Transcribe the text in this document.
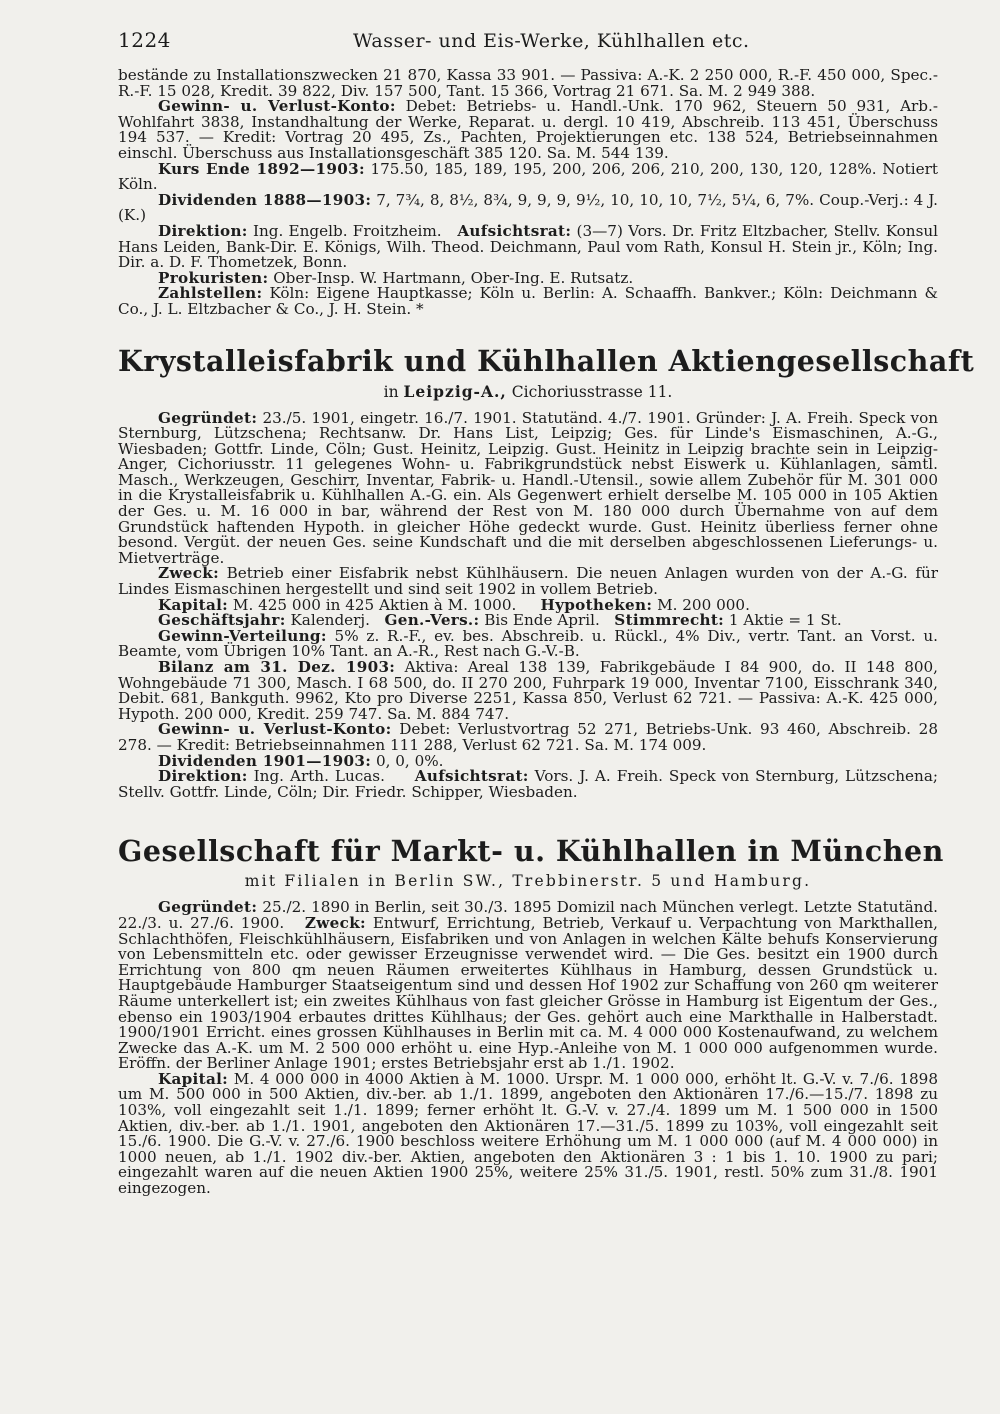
1224	Wasser- und Eis-Werke, Kühlhallen etc.

bestände zu Installationszwecken 21 870, Kassa 33 901. — Passiva: A.-K. 2 250 000, R.-F. 450 000, Spec.-R.-F. 15 028, Kredit. 39 822, Div. 157 500, Tant. 15 366, Vortrag 21 671. Sa. M. 2 949 388.

Gewinn- u. Verlust-Konto: Debet: Betriebs- u. Handl.-Unk. 170 962, Steuern 50 931, Arb.-Wohlfahrt 3838, Instandhaltung der Werke, Reparat. u. dergl. 10 419, Abschreib. 113 451, Überschuss 194 537. — Kredit: Vortrag 20 495, Zs., Pachten, Projektierungen etc. 138 524, Betriebseinnahmen einschl. Überschuss aus Installationsgeschäft 385 120. Sa. M. 544 139.

Kurs Ende 1892—1903: 175.50, 185, 189, 195, 200, 206, 206, 210, 200, 130, 120, 128%. Notiert Köln.

Dividenden 1888—1903: 7, 7¾, 8, 8½, 8¾, 9, 9, 9, 9½, 10, 10, 10, 7½, 5¼, 6, 7%. Coup.-Verj.: 4 J. (K.)

Direktion: Ing. Engelb. Froitzheim. Aufsichtsrat: (3—7) Vors. Dr. Fritz Eltzbacher, Stellv. Konsul Hans Leiden, Bank-Dir. E. Königs, Wilh. Theod. Deichmann, Paul vom Rath, Konsul H. Stein jr., Köln; Ing. Dir. a. D. F. Thometzek, Bonn.

Prokuristen: Ober-Insp. W. Hartmann, Ober-Ing. E. Rutsatz.

Zahlstellen: Köln: Eigene Hauptkasse; Köln u. Berlin: A. Schaaffh. Bankver.; Köln: Deichmann & Co., J. L. Eltzbacher & Co., J. H. Stein. *

Krystalleisfabrik und Kühlhallen Aktiengesellschaft
in Leipzig-A., Cichoriusstrasse 11.

Gegründet: 23./5. 1901, eingetr. 16./7. 1901. Statutänd. 4./7. 1901. Gründer: J. A. Freih. Speck von Sternburg, Lützschena; Rechtsanw. Dr. Hans List, Leipzig; Ges. für Linde's Eismaschinen, A.-G., Wiesbaden; Gottfr. Linde, Cöln; Gust. Heinitz, Leipzig. Gust. Heinitz in Leipzig brachte sein in Leipzig-Anger, Cichoriusstr. 11 gelegenes Wohn- u. Fabrikgrundstück nebst Eiswerk u. Kühlanlagen, sämtl. Masch., Werkzeugen, Geschirr, Inventar, Fabrik- u. Handl.-Utensil., sowie allem Zubehör für M. 301 000 in die Krystalleisfabrik u. Kühlhallen A.-G. ein. Als Gegenwert erhielt derselbe M. 105 000 in 105 Aktien der Ges. u. M. 16 000 in bar, während der Rest von M. 180 000 durch Übernahme von auf dem Grundstück haftenden Hypoth. in gleicher Höhe gedeckt wurde. Gust. Heinitz überliess ferner ohne besond. Vergüt. der neuen Ges. seine Kundschaft und die mit derselben abgeschlossenen Lieferungs- u. Mietverträge.

Zweck: Betrieb einer Eisfabrik nebst Kühlhäusern. Die neuen Anlagen wurden von der A.-G. für Lindes Eismaschinen hergestellt und sind seit 1902 in vollem Betrieb.

Kapital: M. 425 000 in 425 Aktien à M. 1000. Hypotheken: M. 200 000.

Geschäftsjahr: Kalenderj. Gen.-Vers.: Bis Ende April. Stimmrecht: 1 Aktie = 1 St.

Gewinn-Verteilung: 5% z. R.-F., ev. bes. Abschreib. u. Rückl., 4% Div., vertr. Tant. an Vorst. u. Beamte, vom Übrigen 10% Tant. an A.-R., Rest nach G.-V.-B.

Bilanz am 31. Dez. 1903: Aktiva: Areal 138 139, Fabrikgebäude I 84 900, do. II 148 800, Wohngebäude 71 300, Masch. I 68 500, do. II 270 200, Fuhrpark 19 000, Inventar 7100, Eisschrank 340, Debit. 681, Bankguth. 9962, Kto pro Diverse 2251, Kassa 850, Verlust 62 721. — Passiva: A.-K. 425 000, Hypoth. 200 000, Kredit. 259 747. Sa. M. 884 747.

Gewinn- u. Verlust-Konto: Debet: Verlustvortrag 52 271, Betriebs-Unk. 93 460, Abschreib. 28 278. — Kredit: Betriebseinnahmen 111 288, Verlust 62 721. Sa. M. 174 009.

Dividenden 1901—1903: 0, 0, 0%.

Direktion: Ing. Arth. Lucas. Aufsichtsrat: Vors. J. A. Freih. Speck von Sternburg, Lützschena; Stellv. Gottfr. Linde, Cöln; Dir. Friedr. Schipper, Wiesbaden.

Gesellschaft für Markt- u. Kühlhallen in München
mit Filialen in Berlin SW., Trebbinerstr. 5 und Hamburg.

Gegründet: 25./2. 1890 in Berlin, seit 30./3. 1895 Domizil nach München verlegt. Letzte Statutänd. 22./3. u. 27./6. 1900. Zweck: Entwurf, Errichtung, Betrieb, Verkauf u. Verpachtung von Markthallen, Schlachthöfen, Fleischkühlhäusern, Eisfabriken und von Anlagen in welchen Kälte behufs Konservierung von Lebensmitteln etc. oder gewisser Erzeugnisse verwendet wird. — Die Ges. besitzt ein 1900 durch Errichtung von 800 qm neuen Räumen erweitertes Kühlhaus in Hamburg, dessen Grundstück u. Hauptgebäude Hamburger Staatseigentum sind und dessen Hof 1902 zur Schaffung von 260 qm weiterer Räume unterkellert ist; ein zweites Kühlhaus von fast gleicher Grösse in Hamburg ist Eigentum der Ges., ebenso ein 1903/1904 erbautes drittes Kühlhaus; der Ges. gehört auch eine Markthalle in Halberstadt. 1900/1901 Erricht. eines grossen Kühlhauses in Berlin mit ca. M. 4 000 000 Kostenaufwand, zu welchem Zwecke das A.-K. um M. 2 500 000 erhöht u. eine Hyp.-Anleihe von M. 1 000 000 aufgenommen wurde. Eröffn. der Berliner Anlage 1901; erstes Betriebsjahr erst ab 1./1. 1902.

Kapital: M. 4 000 000 in 4000 Aktien à M. 1000. Urspr. M. 1 000 000, erhöht lt. G.-V. v. 7./6. 1898 um M. 500 000 in 500 Aktien, div.-ber. ab 1./1. 1899, angeboten den Aktionären 17./6.—15./7. 1898 zu 103%, voll eingezahlt seit 1./1. 1899; ferner erhöht lt. G.-V. v. 27./4. 1899 um M. 1 500 000 in 1500 Aktien, div.-ber. ab 1./1. 1901, angeboten den Aktionären 17.—31./5. 1899 zu 103%, voll eingezahlt seit 15./6. 1900. Die G.-V. v. 27./6. 1900 beschloss weitere Erhöhung um M. 1 000 000 (auf M. 4 000 000) in 1000 neuen, ab 1./1. 1902 div.-ber. Aktien, angeboten den Aktionären 3 : 1 bis 1. 10. 1900 zu pari; eingezahlt waren auf die neuen Aktien 1900 25%, weitere 25% 31./5. 1901, restl. 50% zum 31./8. 1901 eingezogen.
